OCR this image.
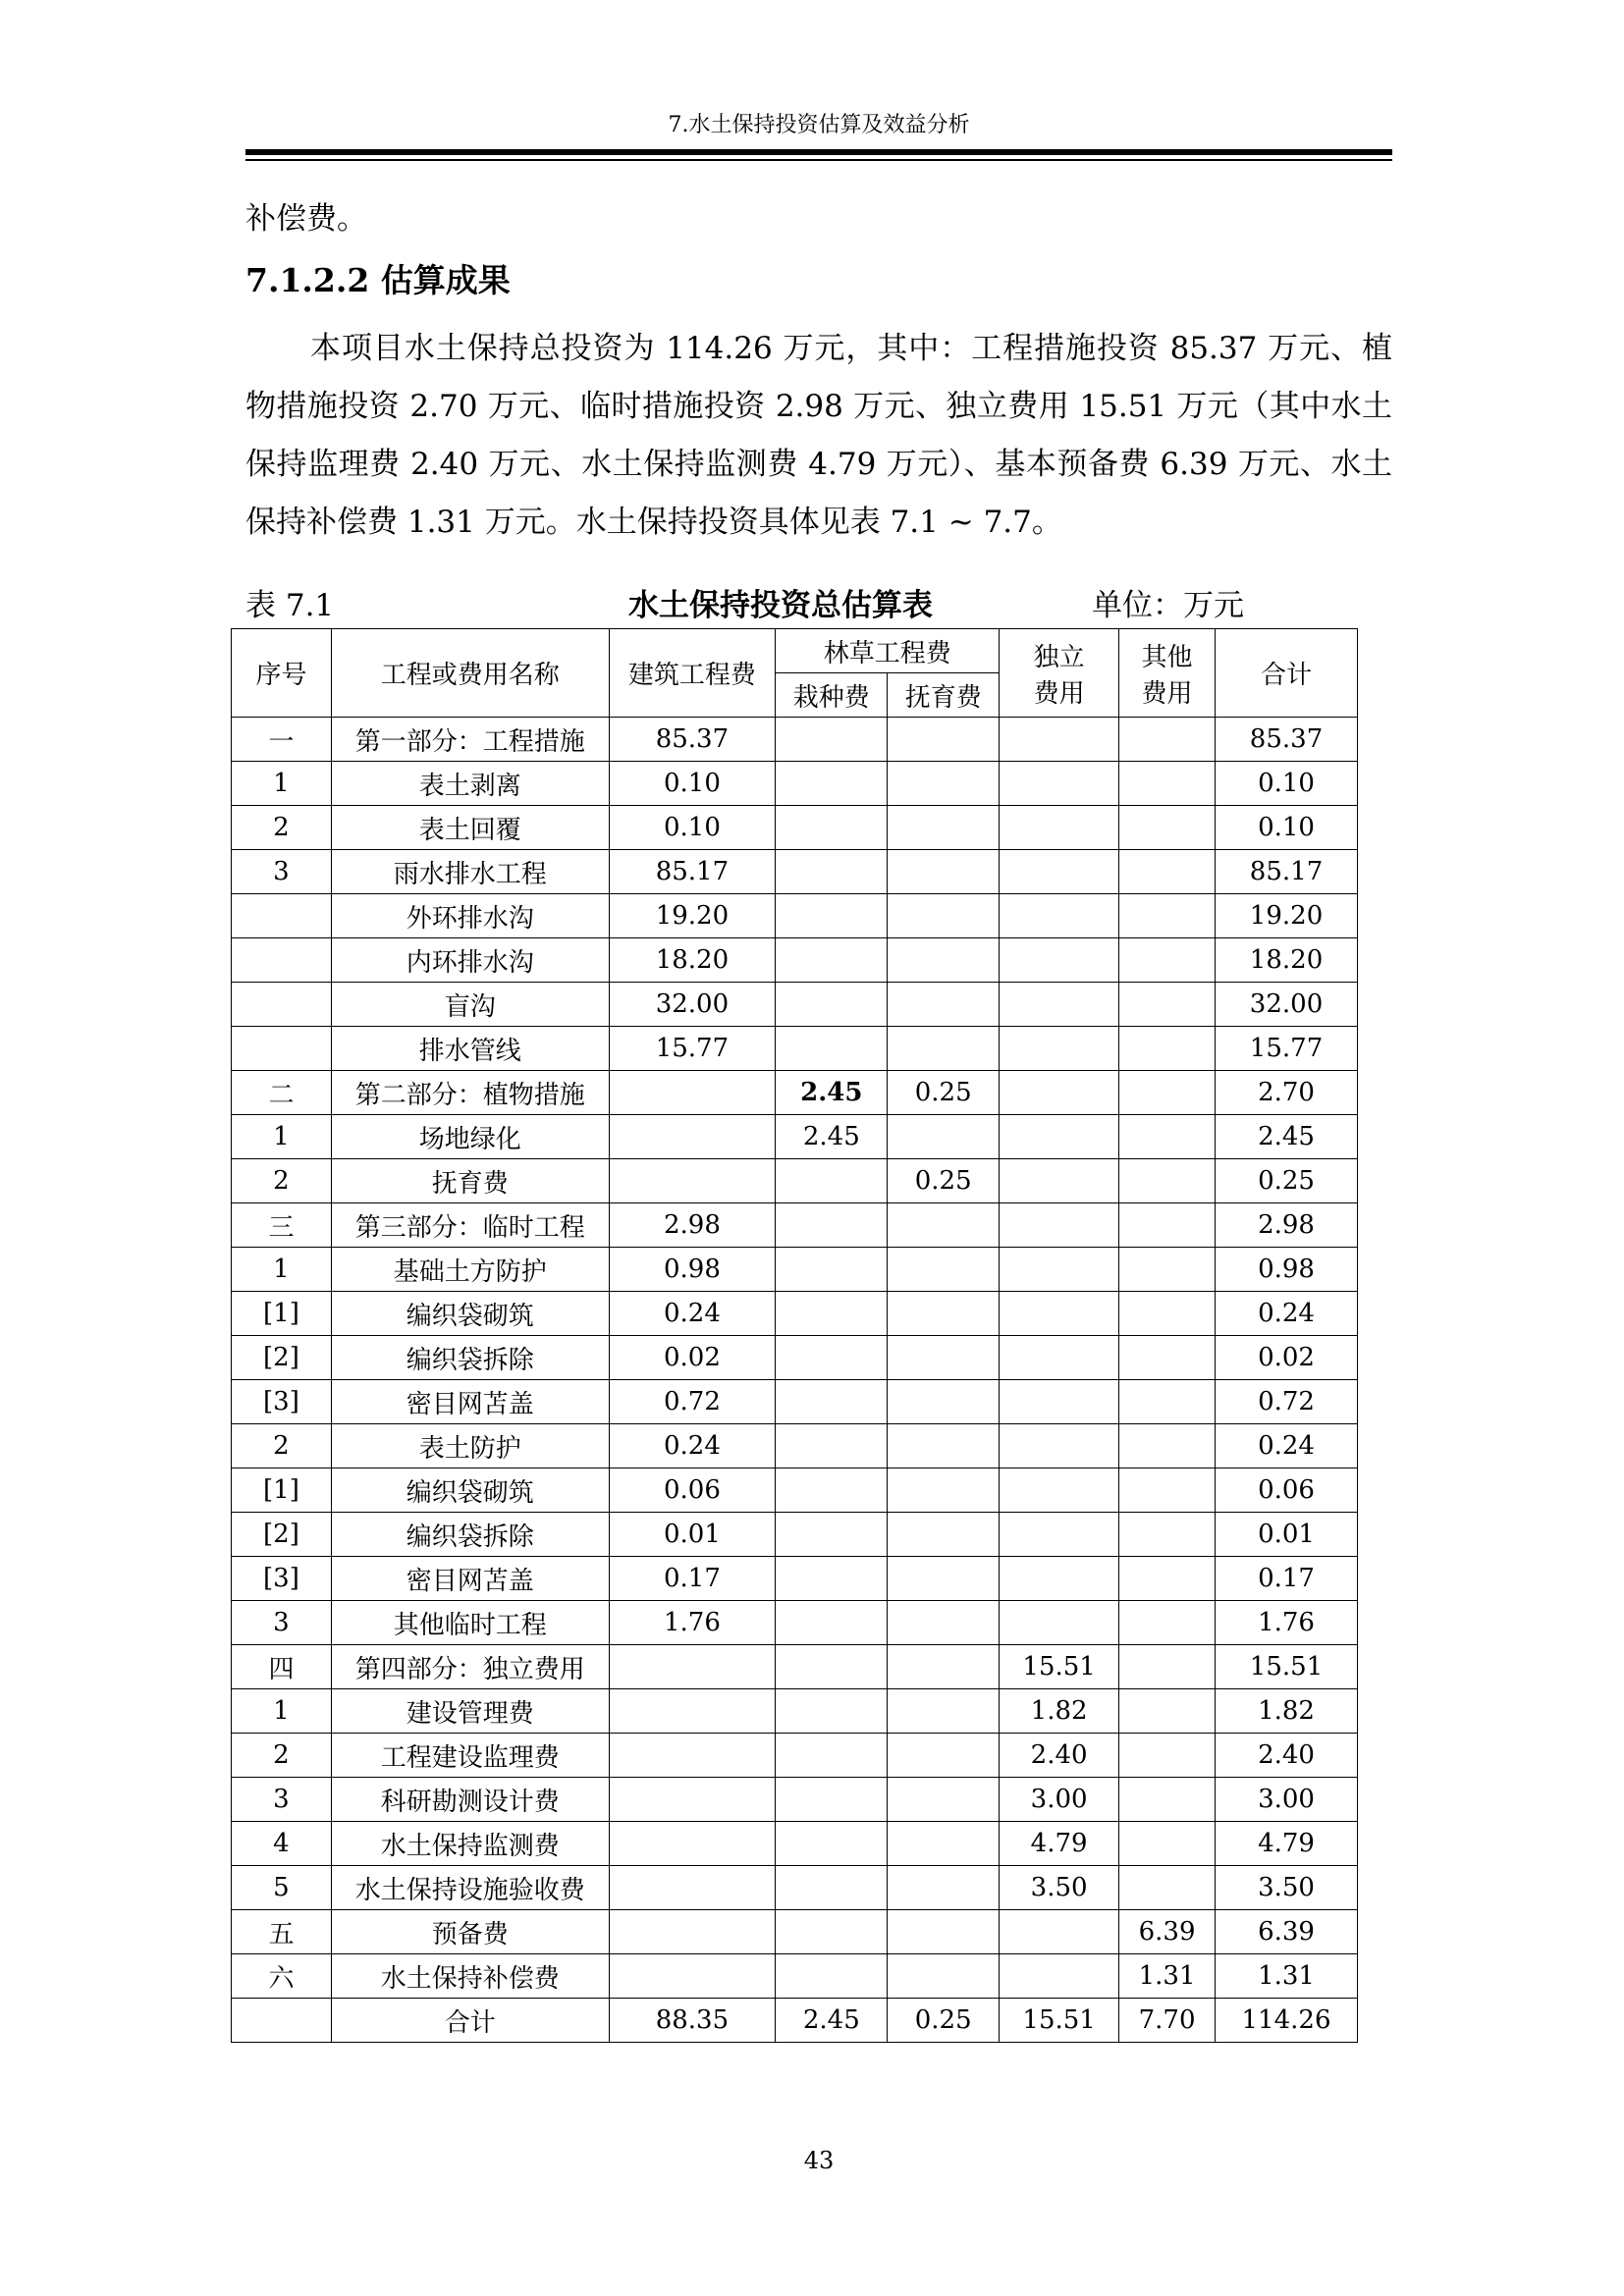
7.水土保持投资估算及效益分析
补偿费。
7.1.2.2 估算成果
本项目水土保持总投资为 114.26 万元，其中：工程措施投资 85.37 万元、植物措施投资 2.70 万元、临时措施投资 2.98 万元、独立费用 15.51 万元（其中水土保持监理费 2.40 万元、水土保持监测费 4.79 万元）、基本预备费 6.39 万元、水土保持补偿费 1.31 万元。水土保持投资具体见表 7.1 ~ 7.7。
表 7.1	水土保持投资总估算表	单位：万元
序号	工程或费用名称	建筑工程费	林草工程费		独立费用	其他费用	合计
			栽种费	抚育费			
一	第一部分：工程措施	85.37					85.37
1	表土剥离	0.10					0.10
2	表土回覆	0.10					0.10
3	雨水排水工程	85.17					85.17
	外环排水沟	19.20					19.20
	内环排水沟	18.20					18.20
	盲沟	32.00					32.00
	排水管线	15.77					15.77
二	第二部分：植物措施		2.45	0.25			2.70
1	场地绿化		2.45				2.45
2	抚育费			0.25			0.25
三	第三部分：临时工程	2.98					2.98
1	基础土方防护	0.98					0.98
[1]	编织袋砌筑	0.24					0.24
[2]	编织袋拆除	0.02					0.02
[3]	密目网苫盖	0.72					0.72
2	表土防护	0.24					0.24
[1]	编织袋砌筑	0.06					0.06
[2]	编织袋拆除	0.01					0.01
[3]	密目网苫盖	0.17					0.17
3	其他临时工程	1.76					1.76
四	第四部分：独立费用				15.51		15.51
1	建设管理费				1.82		1.82
2	工程建设监理费				2.40		2.40
3	科研勘测设计费				3.00		3.00
4	水土保持监测费				4.79		4.79
5	水土保持设施验收费				3.50		3.50
五	预备费					6.39	6.39
六	水土保持补偿费					1.31	1.31
	合计	88.35	2.45	0.25	15.51	7.70	114.26
43
